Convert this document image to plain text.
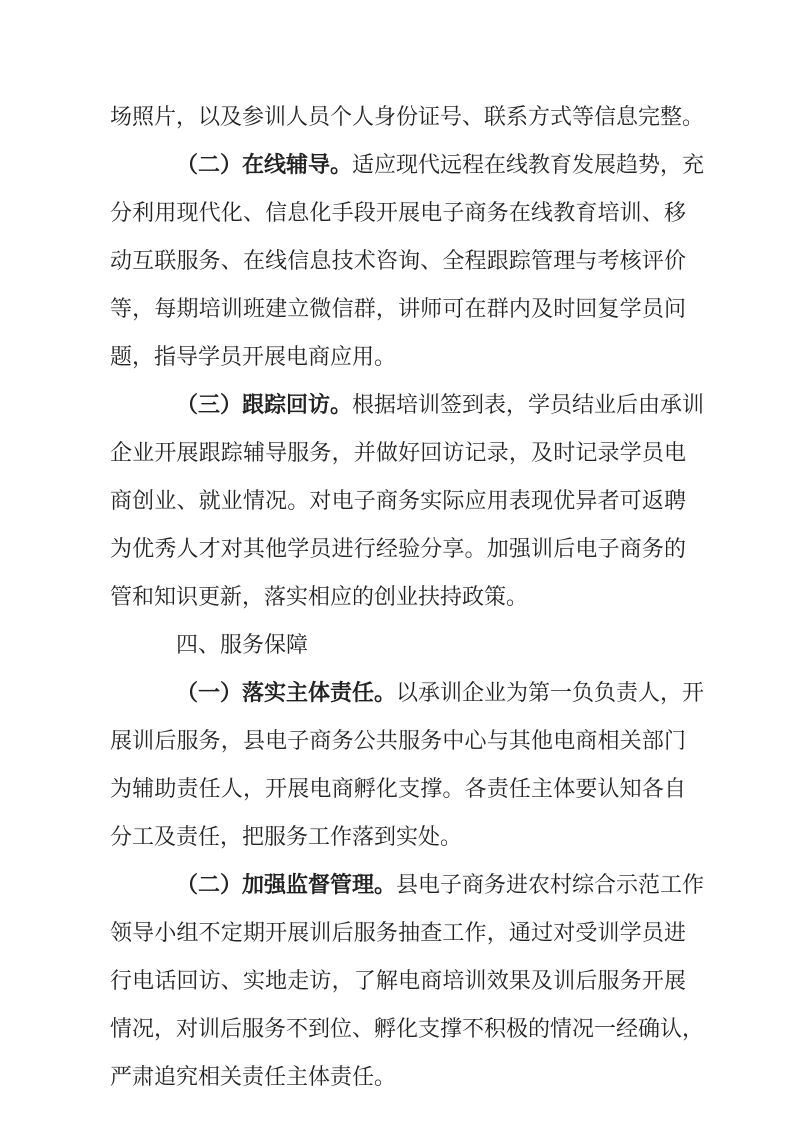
场照片，以及参训人员个人身份证号、联系方式等信息完整。
（二）在线辅导。适应现代远程在线教育发展趋势，充
分利用现代化、信息化手段开展电子商务在线教育培训、移
动互联服务、在线信息技术咨询、全程跟踪管理与考核评价
等，每期培训班建立微信群，讲师可在群内及时回复学员问
题，指导学员开展电商应用。
（三）跟踪回访。根据培训签到表，学员结业后由承训
企业开展跟踪辅导服务，并做好回访记录，及时记录学员电
商创业、就业情况。对电子商务实际应用表现优异者可返聘
为优秀人才对其他学员进行经验分享。加强训后电子商务的
管和知识更新，落实相应的创业扶持政策。
四、服务保障
（一）落实主体责任。以承训企业为第一负负责人，开
展训后服务，县电子商务公共服务中心与其他电商相关部门
为辅助责任人，开展电商孵化支撑。各责任主体要认知各自
分工及责任，把服务工作落到实处。
（二）加强监督管理。县电子商务进农村综合示范工作
领导小组不定期开展训后服务抽查工作，通过对受训学员进
行电话回访、实地走访，了解电商培训效果及训后服务开展
情况，对训后服务不到位、孵化支撑不积极的情况一经确认，
严肃追究相关责任主体责任。
